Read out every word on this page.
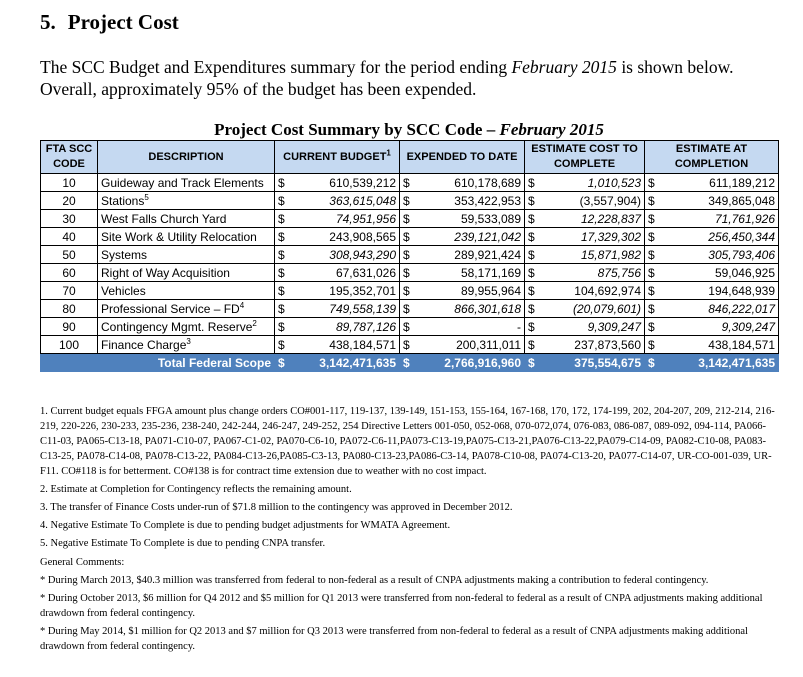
5. Project Cost
The SCC Budget and Expenditures summary for the period ending February 2015 is shown below. Overall, approximately 95% of the budget has been expended.
Project Cost Summary by SCC Code – February 2015
FTA SCC CODE	DESCRIPTION	CURRENT BUDGET$^1$		EXPENDED TO DATE		ESTIMATE COST TO COMPLETE		ESTIMATE AT COMPLETION	
10	Guideway and Track Elements	$	610,539,212	$	610,178,689	$	1,010,523	$	611,189,212
20	Stations$^5$	$	363,615,048	$	353,422,953	$	(3,557,904)	$	349,865,048
30	West Falls Church Yard	$	74,951,956	$	59,533,089	$	12,228,837	$	71,761,926
40	Site Work & Utility Relocation	$	243,908,565	$	239,121,042	$	17,329,302	$	256,450,344
50	Systems	$	308,943,290	$	289,921,424	$	15,871,982	$	305,793,406
60	Right of Way Acquisition	$	67,631,026	$	58,171,169	$	875,756	$	59,046,925
70	Vehicles	$	195,352,701	$	89,955,964	$	104,692,974	$	194,648,939
80	Professional Service – $FD^4$	$	749,558,139	$	866,301,618	$	(20,079,601)	$	846,222,017
90	Contingency Mgmt. Reserve$^2$	$	89,787,126	$	-	$	9,309,247	$	9,309,247
100	Finance Charge$^3$	$	438,184,571	$	200,311,011	$	237,873,560	$	438,184,571
Total Federal Scope		$	3,142,471,635	$	2,766,916,960	$	375,554,675	$	3,142,471,635

1. Current budget equals FFGA amount plus change orders CO#001-117, 119-137, 139-149, 151-153, 155-164, 167-168, 170, 172, 174-199, 202, 204-207, 209, 212-214, 216-219, 220-226, 230-233, 235-236, 238-240, 242-244, 246-247, 249-252, 254 Directive Letters 001-050, 052-068, 070-072,074, 076-083, 086-087, 089-092, 094-114, PA066-C11-03, PA065-C13-18, PA071-C10-07, PA067-C1-02, PA070-C6-10, PA072-C6-11,PA073-C13-19,PA075-C13-21,PA076-C13-22,PA079-C14-09, PA082-C10-08, PA083-C13-25, PA078-C14-08, PA078-C13-22, PA084-C13-26,PA085-C3-13, PA080-C13-23,PA086-C3-14, PA078-C10-08, PA074-C13-20, PA077-C14-07, UR-CO-001-039, UR-F11. CO#118 is for betterment. CO#138 is for contract time extension due to weather with no cost impact.

2. Estimate at Completion for Contingency reflects the remaining amount.

3. The transfer of Finance Costs under-run of $71.8 million to the contingency was approved in December 2012.

4. Negative Estimate To Complete is due to pending budget adjustments for WMATA Agreement.

5. Negative Estimate To Complete is due to pending CNPA transfer.

General Comments:

* During March 2013, $40.3 million was transferred from federal to non-federal as a result of CNPA adjustments making a contribution to federal contingency.

* During October 2013, $6 million for Q4 2012 and $5 million for Q1 2013 were transferred from non-federal to federal as a result of CNPA adjustments making additional drawdown from federal contingency.

* During May 2014, $1 million for Q2 2013 and $7 million for Q3 2013 were transferred from non-federal to federal as a result of CNPA adjustments making additional drawdown from federal contingency.
